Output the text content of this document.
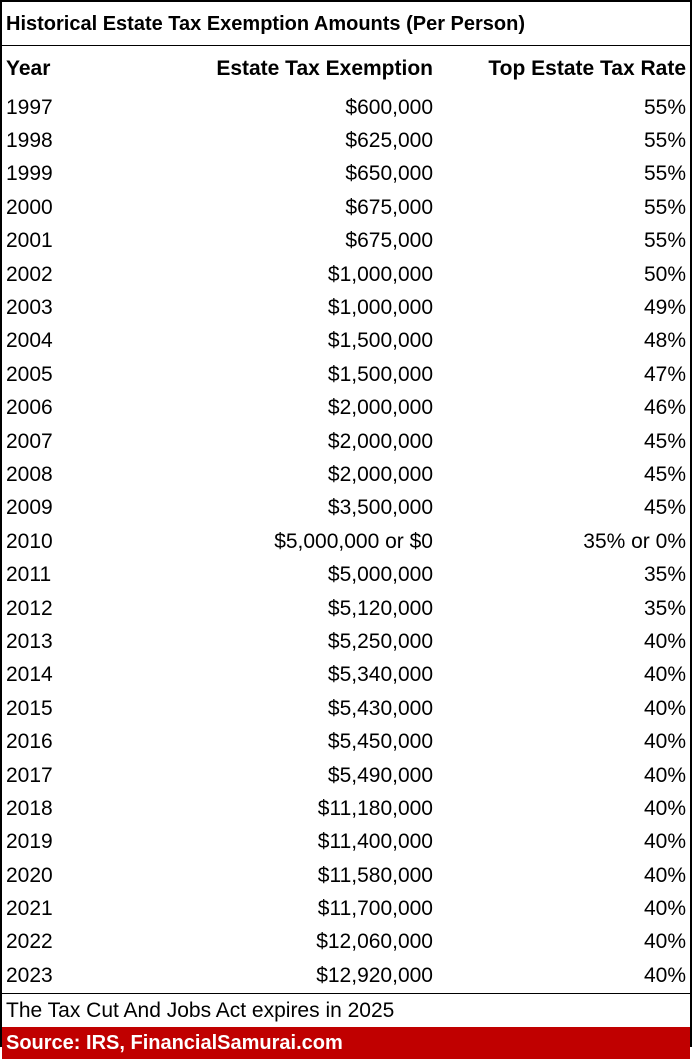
Historical Estate Tax Exemption Amounts (Per Person)
Year	Estate Tax Exemption	Top Estate Tax Rate
1997	$600,000	55%
1998	$625,000	55%
1999	$650,000	55%
2000	$675,000	55%
2001	$675,000	55%
2002	$1,000,000	50%
2003	$1,000,000	49%
2004	$1,500,000	48%
2005	$1,500,000	47%
2006	$2,000,000	46%
2007	$2,000,000	45%
2008	$2,000,000	45%
2009	$3,500,000	45%
2010	$5,000,000 or $0	35% or 0%
2011	$5,000,000	35%
2012	$5,120,000	35%
2013	$5,250,000	40%
2014	$5,340,000	40%
2015	$5,430,000	40%
2016	$5,450,000	40%
2017	$5,490,000	40%
2018	$11,180,000	40%
2019	$11,400,000	40%
2020	$11,580,000	40%
2021	$11,700,000	40%
2022	$12,060,000	40%
2023	$12,920,000	40%
The Tax Cut And Jobs Act expires in 2025
Source: IRS, FinancialSamurai.com
